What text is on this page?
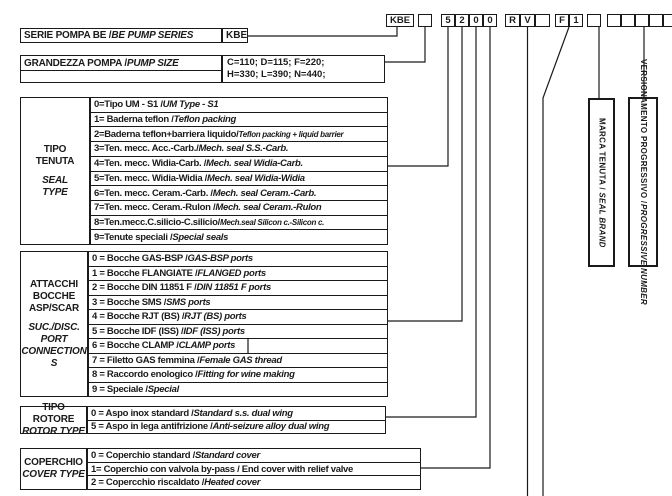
KBE	5 2 0 0	R V	F 1
SERIE POMPA BE / BE PUMP SERIES	KBE
GRANDEZZA POMPA / PUMP SIZE	C=110; D=115; F=220;
H=330; L=390; N=440;
TIPO
TENUTA
SEAL
TYPE
0=Tipo UM - S1 / UM Type - S1
1= Baderna teflon / Teflon packing
2=Baderna teflon+barriera liquido/ Teflon packing + liquid barrier
3=Ten. mecc. Acc.-Carb./ Mech. seal S.S.-Carb.
4=Ten. mecc. Widia-Carb. / Mech. seal Widia-Carb.
5=Ten. mecc. Widia-Widia / Mech. seal Widia-Widia
6=Ten. mecc. Ceram.-Carb. / Mech. seal Ceram.-Carb.
7=Ten. mecc. Ceram.-Rulon / Mech. seal Ceram.-Rulon
8=Ten.mecc.C.silicio-C.silicio/ Mech.seal Silicon c.-Silicon c.
9=Tenute speciali / Special seals
ATTACCHI
BOCCHE
ASP/SCAR
SUC./DISC.
PORT
CONNECTION
S
0 = Bocche GAS-BSP / GAS-BSP ports
1 = Bocche FLANGIATE / FLANGED ports
2 = Bocche DIN 11851 F / DIN 11851 F ports
3 = Bocche SMS / SMS ports
4 = Bocche RJT (BS) / RJT (BS) ports
5 = Bocche IDF (ISS) / IDF (ISS) ports
6 = Bocche CLAMP / CLAMP ports
7 = Filetto GAS femmina / Female GAS thread
8 = Raccordo enologico / Fitting for wine making
9 = Speciale / Special
TIPO ROTORE
ROTOR TYPE
0 = Aspo inox standard / Standard s.s. dual wing
5 = Aspo in lega antifrizione / Anti-seizure alloy dual wing
COPERCHIO
COVER TYPE
0 = Coperchio standard / Standard cover
1= Coperchio con valvola by-pass / End cover with relief valve
2 = Copercchio riscaldato / Heated cover
MARCA TENUTA / SEAL BRAND
VERSIONAMENTO PROGRESSIVO /
PROGRESSIVE NUMBER
